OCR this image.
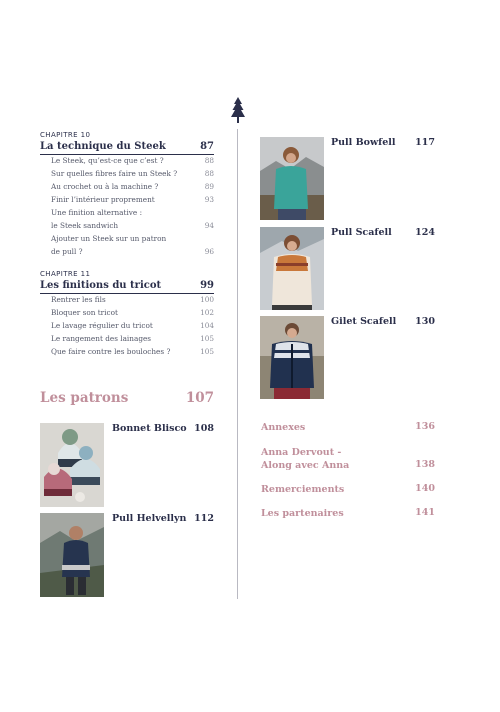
CHAPITRE 10
La technique du Steek	87
Le Steek, qu’est-ce que c’est ?	88
Sur quelles fibres faire un Steek ?	88
Au crochet ou à la machine ?	89
Finir l’intérieur proprement	93
Une finition alternative :
le Steek sandwich	94
Ajouter un Steek sur un patron
de pull ?	96
CHAPITRE 11
Les finitions du tricot	99
Rentrer les fils	100
Bloquer son tricot	102
Le lavage régulier du tricot	104
Le rangement des lainages	105
Que faire contre les bouloches ?	105
Les patrons	107
Bonnet Blisco 108
Pull Helvellyn 112
Pull Bowfell	117
Pull Scafell	124
Gilet Scafell	130
Annexes	136
Anna Dervout -
Along avec Anna	138
Remerciements	140
Les partenaires	141
